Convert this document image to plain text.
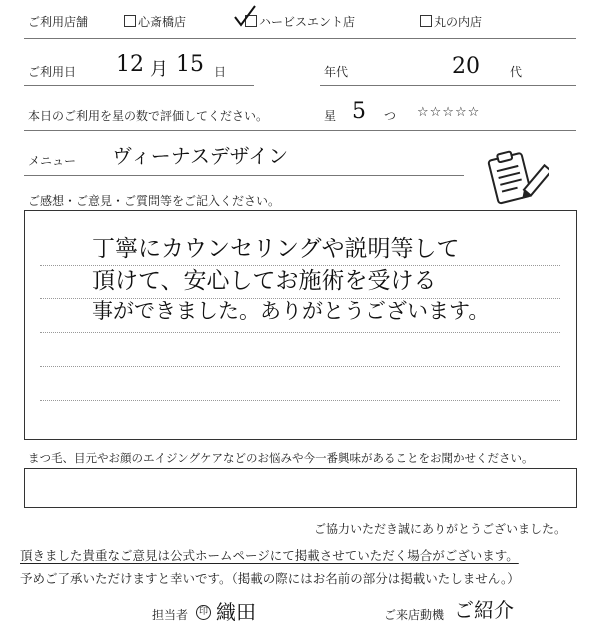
ご利用店舗	心斎橋店	ハービスエント店	丸の内店
ご利用日 12 月 15 日	年代	20	代
本日のご利用を星の数で評価してください。	星 5 つ ☆☆☆☆☆
メニュー ヴィーナスデザイン
ご感想・ご意見・ご質問等をご記入ください。
丁寧にカウンセリングや説明等して
頂けて、安心してお施術を受ける
事ができました。ありがとうございます。
まつ毛、目元やお顔のエイジングケアなどのお悩みや今一番興味があることをお聞かせください。
ご協力いただき誠にありがとうございました。
頂きました貴重なご意見は公式ホームページにて掲載させていただく場合がございます。
予めご了承いただけますと幸いです。（掲載の際にはお名前の部分は掲載いたしません。）
担当者	印 織田	ご来店動機 ご紹介
